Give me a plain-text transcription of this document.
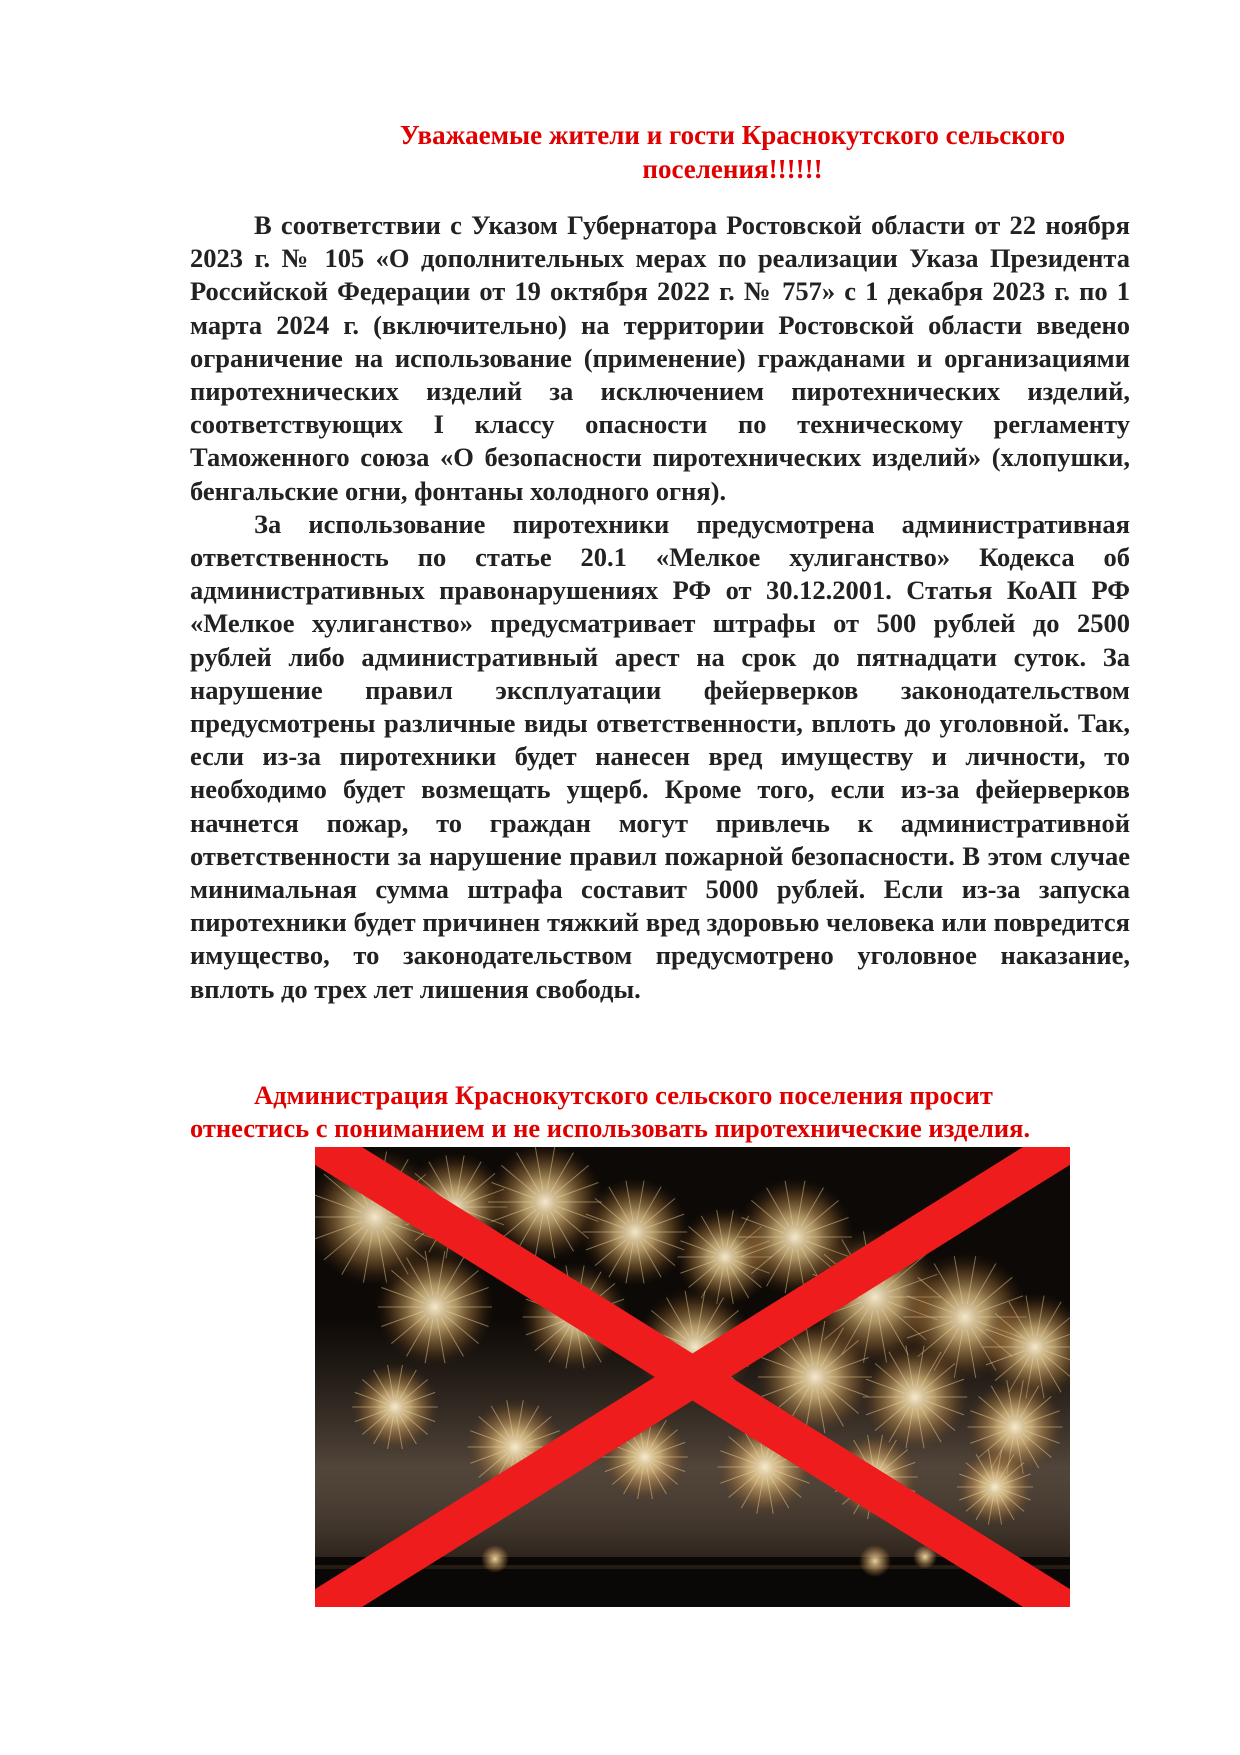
Уважаемые жители и гости Краснокутского сельского
поселения!!!!!!

В соответствии с Указом Губернатора Ростовской области от 22 ноября 2023 г. № 105 «О дополнительных мерах по реализации Указа Президента Российской Федерации от 19 октября 2022 г. № 757» с 1 декабря 2023 г. по 1 марта 2024 г. (включительно) на территории Ростовской области введено ограничение на использование (применение) гражданами и организациями пиротехнических изделий за исключением пиротехнических изделий, соответствующих I классу опасности по техническому регламенту Таможенного союза «О безопасности пиротехнических изделий» (хлопушки, бенгальские огни, фонтаны холодного огня).

За использование пиротехники предусмотрена административная ответственность по статье 20.1 «Мелкое хулиганство» Кодекса об административных правонарушениях РФ от 30.12.2001. Статья КоАП РФ «Мелкое хулиганство» предусматривает штрафы от 500 рублей до 2500 рублей либо административный арест на срок до пятнадцати суток. За нарушение правил эксплуатации фейерверков законодательством предусмотрены различные виды ответственности, вплоть до уголовной. Так, если из-за пиротехники будет нанесен вред имуществу и личности, то необходимо будет возмещать ущерб. Кроме того, если из-за фейерверков начнется пожар, то граждан могут привлечь к административной ответственности за нарушение правил пожарной безопасности. В этом случае минимальная сумма штрафа составит 5000 рублей. Если из-за запуска пиротехники будет причинен тяжкий вред здоровью человека или повредится имущество, то законодательством предусмотрено уголовное наказание, вплоть до трех лет лишения свободы.

Администрация Краснокутского сельского поселения просит
отнестись с пониманием и не использовать пиротехнические изделия.
